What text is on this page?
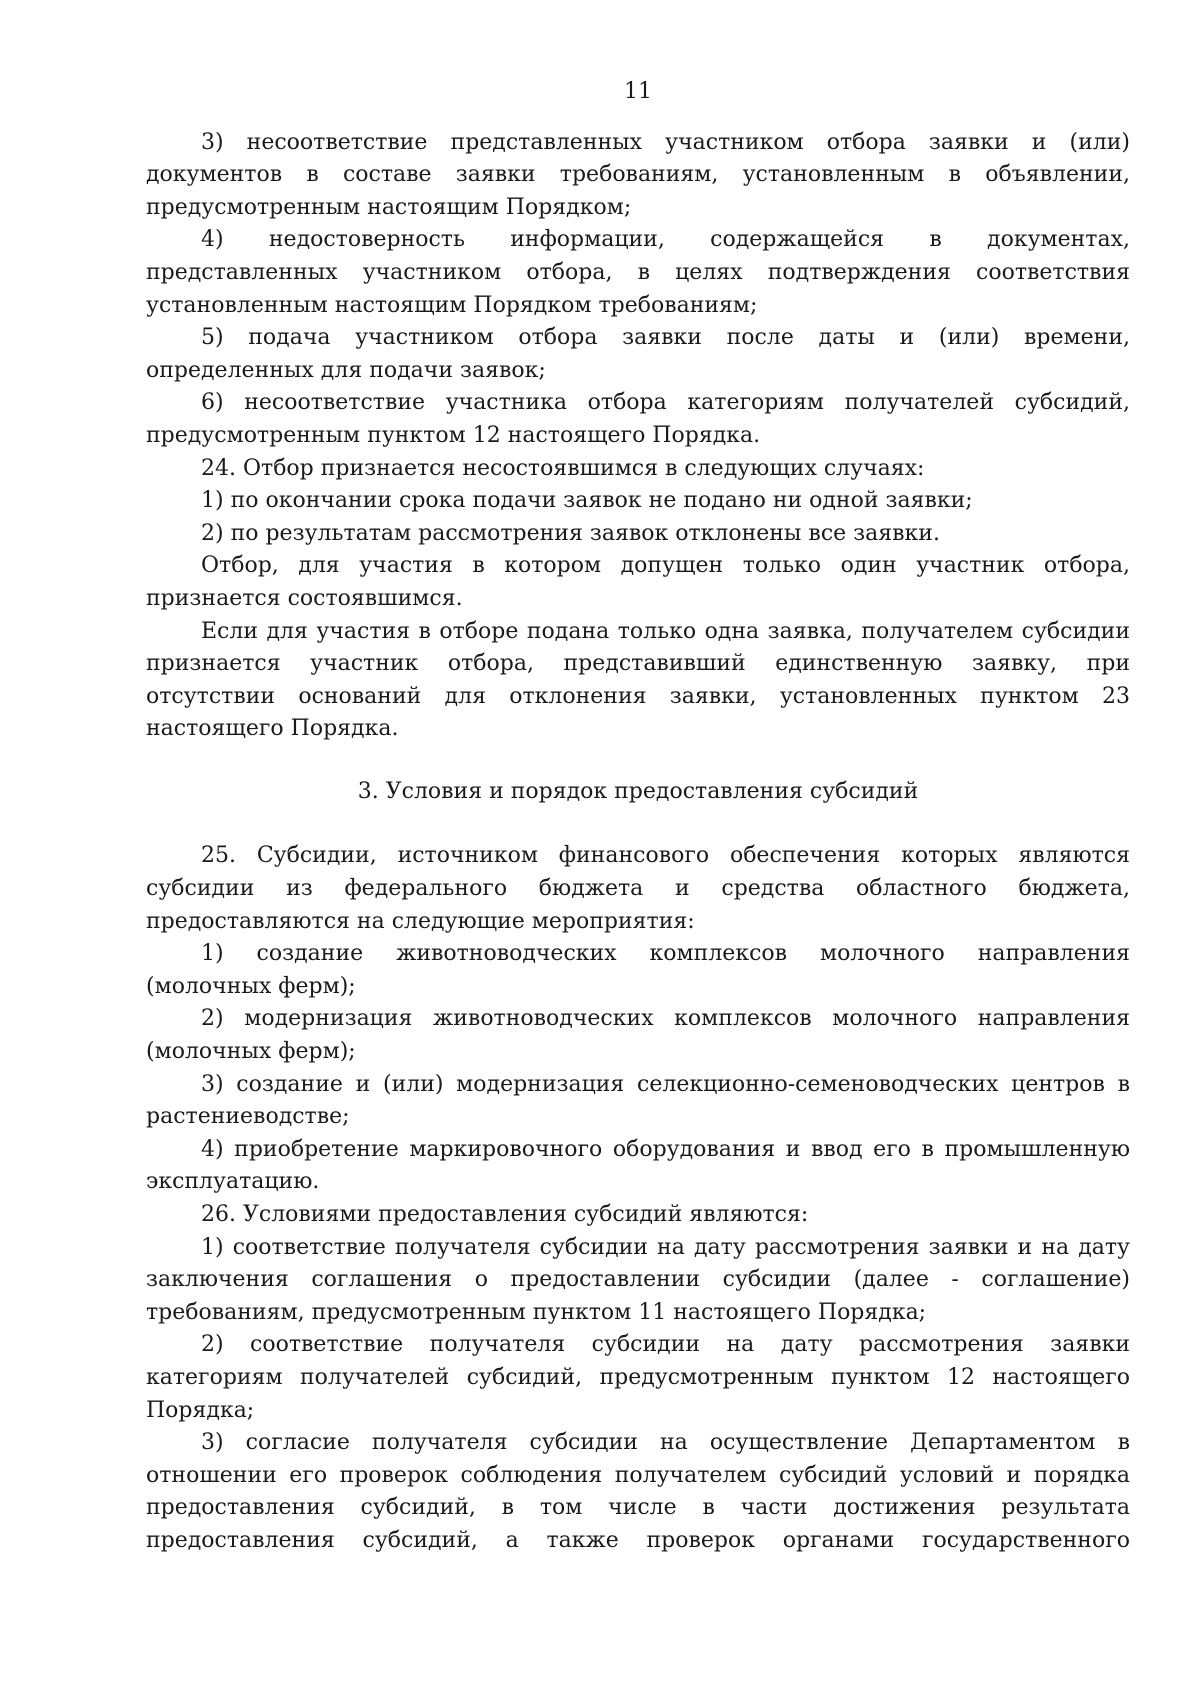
11

3) несоответствие представленных участником отбора заявки и (или) документов в составе заявки требованиям, установленным в объявлении, предусмотренным настоящим Порядком;

4) недостоверность информации, содержащейся в документах, представленных участником отбора, в целях подтверждения соответствия установленным настоящим Порядком требованиям;

5) подача участником отбора заявки после даты и (или) времени, определенных для подачи заявок;

6) несоответствие участника отбора категориям получателей субсидий, предусмотренным пунктом 12 настоящего Порядка.

24. Отбор признается несостоявшимся в следующих случаях:

1) по окончании срока подачи заявок не подано ни одной заявки;

2) по результатам рассмотрения заявок отклонены все заявки.

Отбор, для участия в котором допущен только один участник отбора, признается состоявшимся.

Если для участия в отборе подана только одна заявка, получателем субсидии признается участник отбора, представивший единственную заявку, при отсутствии оснований для отклонения заявки, установленных пунктом 23 настоящего Порядка.

3. Условия и порядок предоставления субсидий

25. Субсидии, источником финансового обеспечения которых являются субсидии из федерального бюджета и средства областного бюджета, предоставляются на следующие мероприятия:

1) создание животноводческих комплексов молочного направления (молочных ферм);

2) модернизация животноводческих комплексов молочного направления (молочных ферм);

3) создание и (или) модернизация селекционно-семеноводческих центров в растениеводстве;

4) приобретение маркировочного оборудования и ввод его в промышленную эксплуатацию.

26. Условиями предоставления субсидий являются:

1) соответствие получателя субсидии на дату рассмотрения заявки и на дату заключения соглашения о предоставлении субсидии (далее - соглашение) требованиям, предусмотренным пунктом 11 настоящего Порядка;

2) соответствие получателя субсидии на дату рассмотрения заявки категориям получателей субсидий, предусмотренным пунктом 12 настоящего Порядка;

3) согласие получателя субсидии на осуществление Департаментом в отношении его проверок соблюдения получателем субсидий условий и порядка предоставления субсидий, в том числе в части достижения результата предоставления субсидий, а также проверок органами государственного
